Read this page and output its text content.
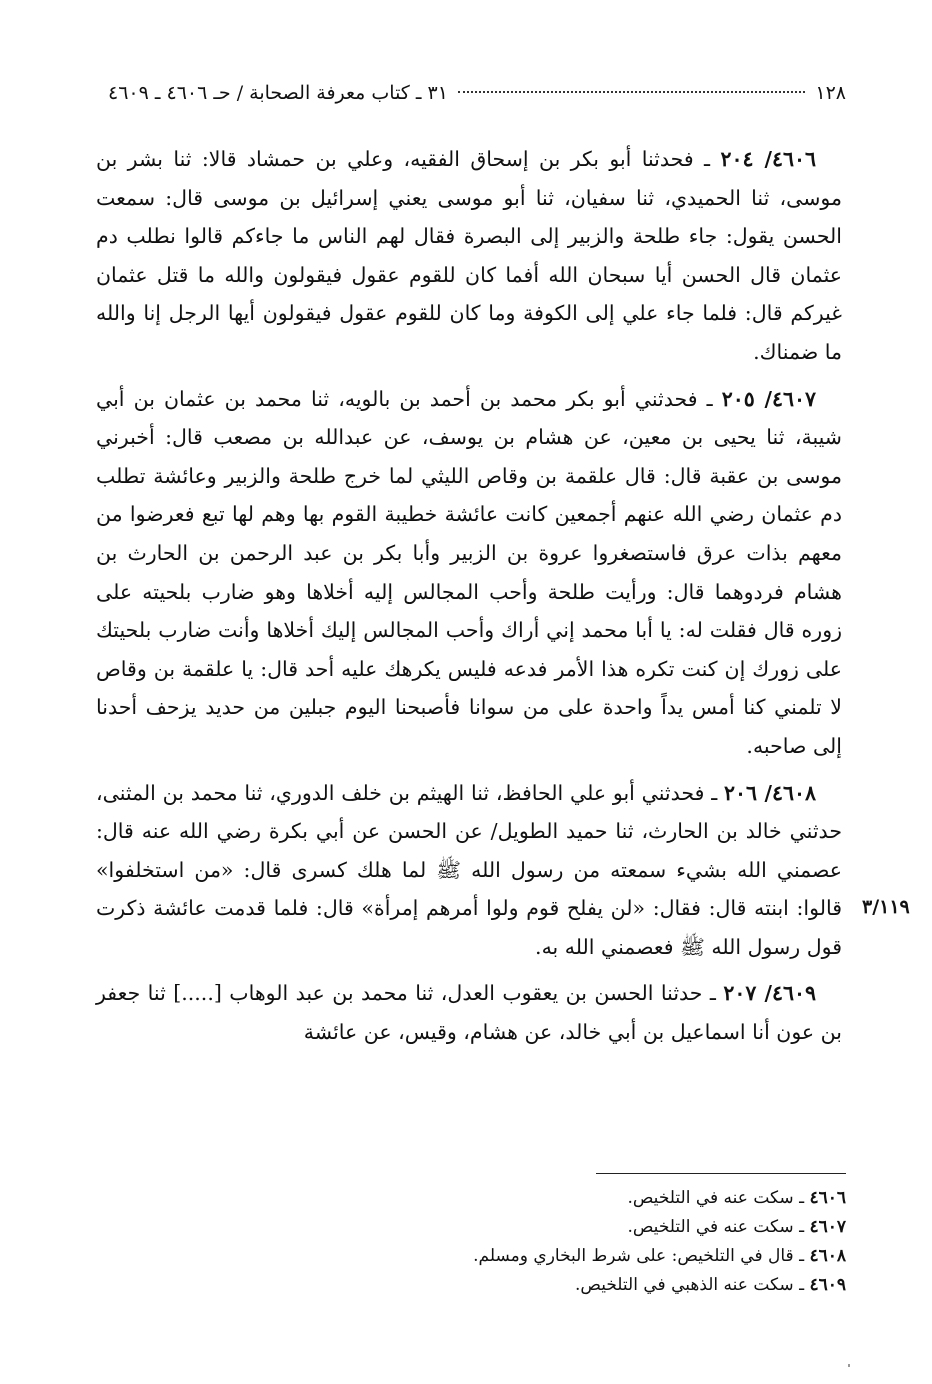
١٢٨
٣١ ـ كتاب معرفة الصحابة / حـ ٤٦٠٦ ـ ٤٦٠٩

٤٦٠٦/ ٢٠٤ ـ فحدثنا أبو بكر بن إسحاق الفقيه، وعلي بن حمشاد قالا: ثنا بشر بن موسى، ثنا الحميدي، ثنا سفيان، ثنا أبو موسى يعني إسرائيل بن موسى قال: سمعت الحسن يقول: جاء طلحة والزبير إلى البصرة فقال لهم الناس ما جاءكم قالوا نطلب دم عثمان قال الحسن أيا سبحان الله أفما كان للقوم عقول فيقولون والله ما قتل عثمان غيركم قال: فلما جاء علي إلى الكوفة وما كان للقوم عقول فيقولون أيها الرجل إنا والله ما ضمناك.

٤٦٠٧/ ٢٠٥ ـ فحدثني أبو بكر محمد بن أحمد بن بالويه، ثنا محمد بن عثمان بن أبي شيبة، ثنا يحيى بن معين، عن هشام بن يوسف، عن عبدالله بن مصعب قال: أخبرني موسى بن عقبة قال: قال علقمة بن وقاص الليثي لما خرج طلحة والزبير وعائشة تطلب دم عثمان رضي الله عنهم أجمعين كانت عائشة خطيبة القوم بها وهم لها تبع فعرضوا من معهم بذات عرق فاستصغروا عروة بن الزبير وأبا بكر بن عبد الرحمن بن الحارث بن هشام فردوهما قال: ورأيت طلحة وأحب المجالس إليه أخلاها وهو ضارب بلحيته على زوره قال فقلت له: يا أبا محمد إني أراك وأحب المجالس إليك أخلاها وأنت ضارب بلحيتك على زورك إن كنت تكره هذا الأمر فدعه فليس يكرهك عليه أحد قال: يا علقمة بن وقاص لا تلمني كنا أمس يداً واحدة على من سوانا فأصبحنا اليوم جبلين من حديد يزحف أحدنا إلى صاحبه.

٤٦٠٨/ ٢٠٦ ـ فحدثني أبو علي الحافظ، ثنا الهيثم بن خلف الدوري، ثنا محمد بن المثنى، حدثني خالد بن الحارث، ثنا حميد الطويل/ عن الحسن عن أبي بكرة رضي الله عنه قال: عصمني الله بشيء سمعته من رسول الله ﷺ لما هلك كسرى قال: «من استخلفوا» قالوا: ابنته قال: فقال: «لن يفلح قوم ولوا أمرهم إمرأة» قال: فلما قدمت عائشة ذكرت قول رسول الله ﷺ فعصمني الله به.

٤٦٠٩/ ٢٠٧ ـ حدثنا الحسن بن يعقوب العدل، ثنا محمد بن عبد الوهاب [.....] ثنا جعفر بن عون أنا اسماعيل بن أبي خالد، عن هشام، وقيس، عن عائشة

٣/١١٩

٤٦٠٦ ـ سكت عنه في التلخيص.

٤٦٠٧ ـ سكت عنه في التلخيص.

٤٦٠٨ ـ قال في التلخيص: على شرط البخاري ومسلم.

٤٦٠٩ ـ سكت عنه الذهبي في التلخيص.
